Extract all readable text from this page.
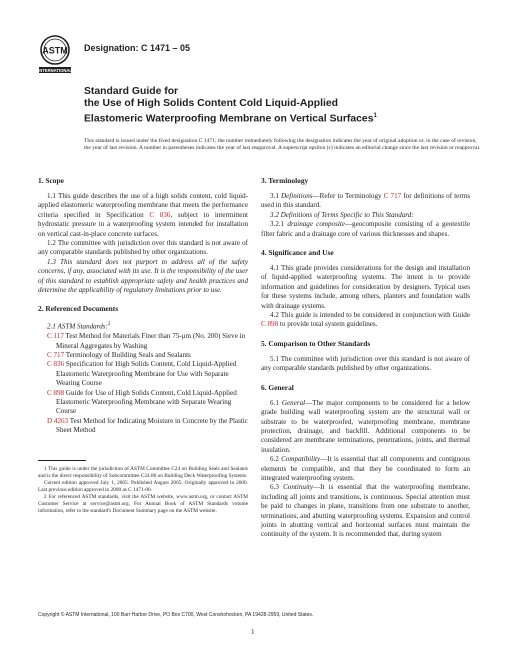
ASTM
INTERNATIONAL
Designation: C 1471 – 05
Standard Guide for
the Use of High Solids Content Cold Liquid-Applied
Elastomeric Waterproofing Membrane on Vertical Surfaces$^1$
This standard is issued under the fixed designation C 1471; the number immediately following the designation indicates the year of original adoption or, in the case of revision, the year of last revision. A number in parentheses indicates the year of last reapproval. A superscript epsilon (ε) indicates an editorial change since the last revision or reapproval.
1. Scope

1.1 This guide describes the use of a high solids content, cold liquid-applied elastomeric waterproofing membrane that meets the performance criteria specified in Specification C 836, subject to intermittent hydrostatic pressure in a waterproofing system intended for installation on vertical cast-in-place concrete surfaces.

1.2 The committee with jurisdiction over this standard is not aware of any comparable standards published by other organizations.

1.3 This standard does not purport to address all of the safety concerns, if any, associated with its use. It is the responsibility of the user of this standard to establish appropriate safety and health practices and determine the applicability of regulatory limitations prior to use.

2. Referenced Documents

2.1 ASTM Standards:$^2$

C 117 Test Method for Materials Finer than 75-μm (No. 200) Sieve in Mineral Aggregates by Washing
C 717 Terminology of Building Seals and Sealants
C 836 Specification for High Solids Content, Cold Liquid-Applied Elastomeric Waterproofing Membrane for Use with Separate Wearing Course
C 898 Guide for Use of High Solids Content, Cold Liquid-Applied Elastomeric Waterproofing Membrane with Separate Wearing Course
D 4263 Test Method for Indicating Moisture in Concrete by the Plastic Sheet Method

1 This guide is under the jurisdiction of ASTM Committee C24 on Building Seals and Sealants and is the direct responsibility of Subcommittee C24.80 on Building Deck Waterproofing Systems.

Current edition approved July 1, 2005. Published August 2005. Originally approved in 2000. Last previous edition approved in 2000 as C 1471-00.

2 For referenced ASTM standards, visit the ASTM website, www.astm.org, or contact ASTM Customer Service at service@astm.org. For Annual Book of ASTM Standards volume information, refer to the standard's Document Summary page on the ASTM website.

3. Terminology

3.1 Definitions—Refer to Terminology C 717 for definitions of terms used in this standard.

3.2 Definitions of Terms Specific to This Standard:

3.2.1 drainage composite—geocomposite consisting of a geotextile filter fabric and a drainage core of various thicknesses and shapes.

4. Significance and Use

4.1 This grade provides considerations for the design and installation of liquid-applied waterproofing systems. The intent is to provide information and guidelines for consideration by designers. Typical uses for these systems include, among others, planters and foundation walls with drainage systems.

4.2 This guide is intended to be considered in conjunction with Guide C 898 to provide total system guidelines.

5. Comparison to Other Standards

5.1 The committee with jurisdiction over this standard is not aware of any comparable standards published by other organizations.

6. General

6.1 General—The major components to be considered for a below grade building wall waterproofing system are the structural wall or substrate to be waterproofed, waterproofing membrane, membrane protection, drainage, and backfill. Additional components to be considered are membrane terminations, penetrations, joints, and thermal insulation.

6.2 Compatibility—It is essential that all components and contiguous elements be compatible, and that they be coordinated to form an integrated waterproofing system.

6.3 Continuity—It is essential that the waterproofing membrane, including all joints and transitions, is continuous. Special attention must be paid to changes in plane, transitions from one substrate to another, terminations, and abutting waterproofing systems. Expansion and control joints in abutting vertical and horizontal surfaces must maintain the continuity of the system. It is recommended that, during system

Copyright © ASTM International, 100 Barr Harbor Drive, PO Box C700, West Conshohocken, PA 19428-2959, United States.
1
